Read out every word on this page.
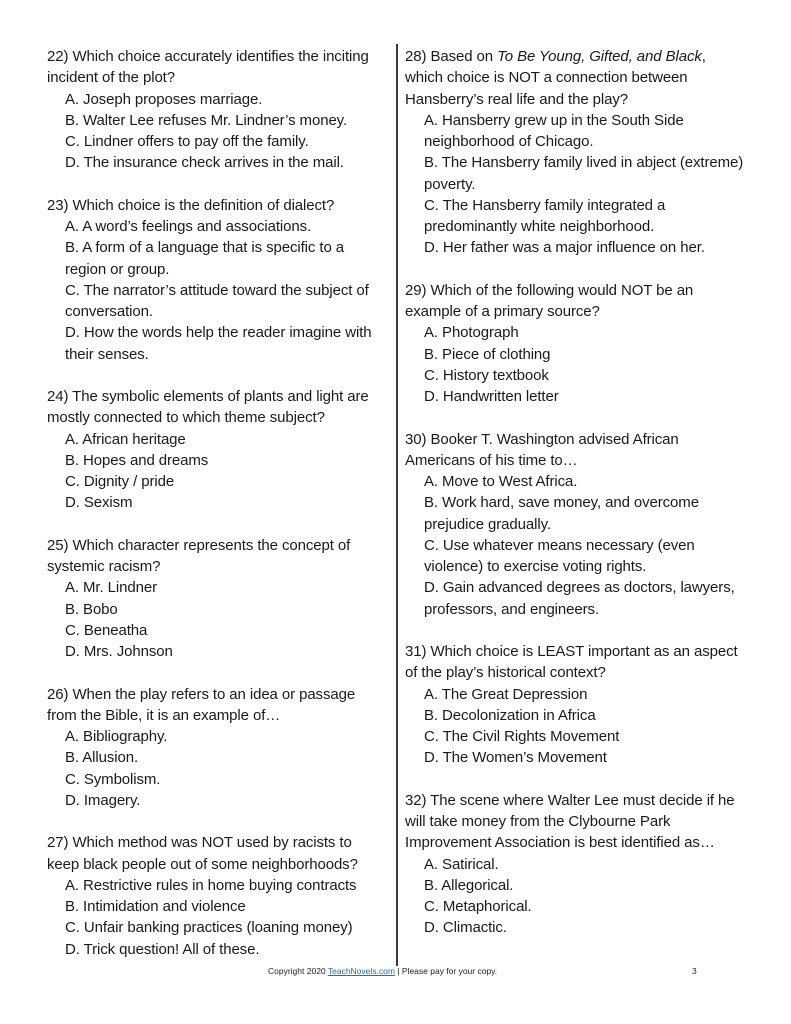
22) Which choice accurately identifies the inciting incident of the plot?

A. Joseph proposes marriage.
B. Walter Lee refuses Mr. Lindner’s money.
C. Lindner offers to pay off the family.
D. The insurance check arrives in the mail.

23) Which choice is the definition of dialect?

A. A word’s feelings and associations.
B. A form of a language that is specific to a region or group.
C. The narrator’s attitude toward the subject of conversation.
D. How the words help the reader imagine with their senses.

24) The symbolic elements of plants and light are mostly connected to which theme subject?

A. African heritage
B. Hopes and dreams
C. Dignity / pride
D. Sexism

25) Which character represents the concept of systemic racism?

A. Mr. Lindner
B. Bobo
C. Beneatha
D. Mrs. Johnson

26) When the play refers to an idea or passage from the Bible, it is an example of…

A. Bibliography.
B. Allusion.
C. Symbolism.
D. Imagery.

27) Which method was NOT used by racists to keep black people out of some neighborhoods?

A. Restrictive rules in home buying contracts
B. Intimidation and violence
C. Unfair banking practices (loaning money)
D. Trick question! All of these.

28) Based on To Be Young, Gifted, and Black, which choice is NOT a connection between Hansberry’s real life and the play?

A. Hansberry grew up in the South Side neighborhood of Chicago.
B. The Hansberry family lived in abject (extreme) poverty.
C. The Hansberry family integrated a predominantly white neighborhood.
D. Her father was a major influence on her.

29) Which of the following would NOT be an example of a primary source?

A. Photograph
B. Piece of clothing
C. History textbook
D. Handwritten letter

30) Booker T. Washington advised African Americans of his time to…

A. Move to West Africa.
B. Work hard, save money, and overcome prejudice gradually.
C. Use whatever means necessary (even violence) to exercise voting rights.
D. Gain advanced degrees as doctors, lawyers, professors, and engineers.

31) Which choice is LEAST important as an aspect of the play’s historical context?

A. The Great Depression
B. Decolonization in Africa
C. The Civil Rights Movement
D. The Women’s Movement

32) The scene where Walter Lee must decide if he will take money from the Clybourne Park Improvement Association is best identified as…

A. Satirical.
B. Allegorical.
C. Metaphorical.
D. Climactic.
Copyright 2020 TeachNovels.com | Please pay for your copy.	3
